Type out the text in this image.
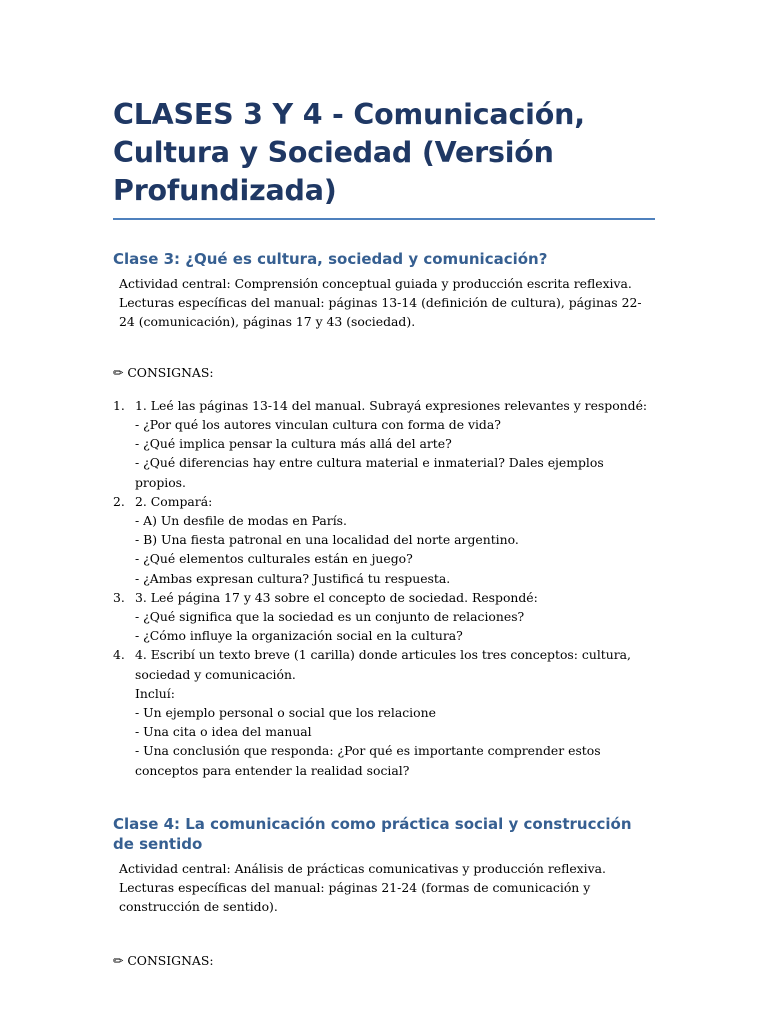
CLASES 3 Y 4 - Comunicación, Cultura y Sociedad (Versión Profundizada)
Clase 3: ¿Qué es cultura, sociedad y comunicación?
Actividad central: Comprensión conceptual guiada y producción escrita reflexiva.
Lecturas específicas del manual: páginas 13-14 (definición de cultura), páginas 22-24 (comunicación), páginas 17 y 43 (sociedad).
✏ CONSIGNAS:
1. 1. Leé las páginas 13-14 del manual. Subrayá expresiones relevantes y respondé:
- ¿Por qué los autores vinculan cultura con forma de vida?
- ¿Qué implica pensar la cultura más allá del arte?
- ¿Qué diferencias hay entre cultura material e inmaterial? Dales ejemplos propios.
2. 2. Compará:
- A) Un desfile de modas en París.
- B) Una fiesta patronal en una localidad del norte argentino.
- ¿Qué elementos culturales están en juego?
- ¿Ambas expresan cultura? Justificá tu respuesta.
3. 3. Leé página 17 y 43 sobre el concepto de sociedad. Respondé:
- ¿Qué significa que la sociedad es un conjunto de relaciones?
- ¿Cómo influye la organización social en la cultura?
4. 4. Escribí un texto breve (1 carilla) donde articules los tres conceptos: cultura, sociedad y comunicación.
Incluí:
- Un ejemplo personal o social que los relacione
- Una cita o idea del manual
- Una conclusión que responda: ¿Por qué es importante comprender estos conceptos para entender la realidad social?
Clase 4: La comunicación como práctica social y construcción de sentido
Actividad central: Análisis de prácticas comunicativas y producción reflexiva.
Lecturas específicas del manual: páginas 21-24 (formas de comunicación y construcción de sentido).
✏ CONSIGNAS:
